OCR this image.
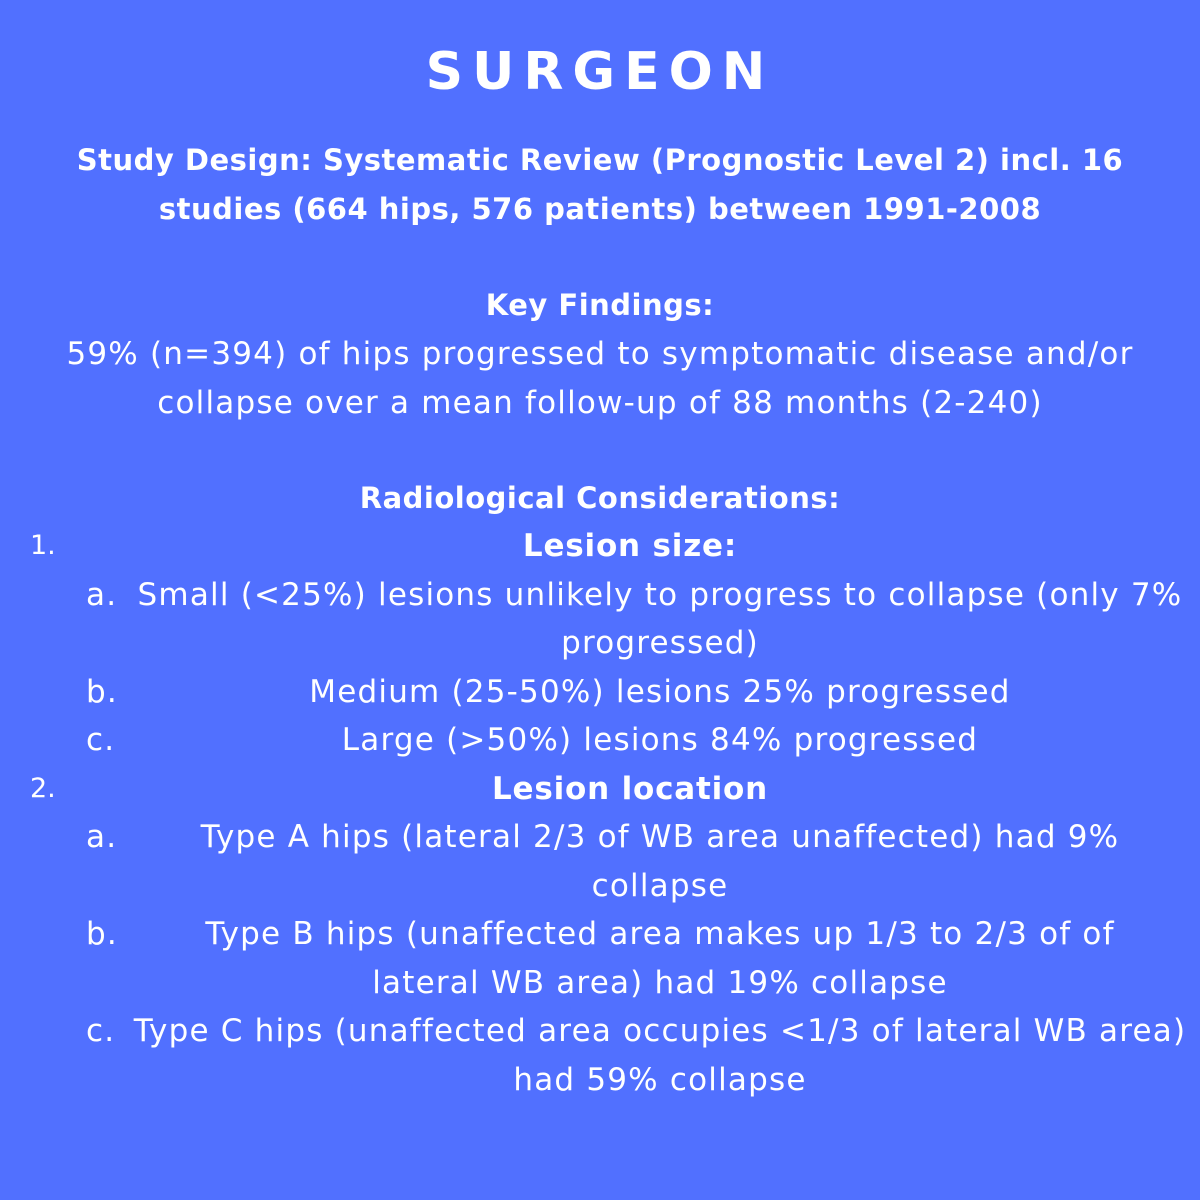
SURGEON
Study Design: Systematic Review (Prognostic Level 2) incl. 16 studies (664 hips, 576 patients) between 1991-2008
Key Findings:
59% (n=394) of hips progressed to symptomatic disease and/or collapse over a mean follow-up of 88 months (2-240)
Radiological Considerations:
1.	Lesion size:
a. Small (<25%) lesions unlikely to progress to collapse (only 7% progressed)
b.	Medium (25-50%) lesions 25% progressed
c.	Large (>50%) lesions 84% progressed
2.	Lesion location
a.	Type A hips (lateral 2/3 of WB area unaffected) had 9% collapse
b.	Type B hips (unaffected area makes up 1/3 to 2/3 of of lateral WB area) had 19% collapse
c. Type C hips (unaffected area occupies <1/3 of lateral WB area) had 59% collapse
